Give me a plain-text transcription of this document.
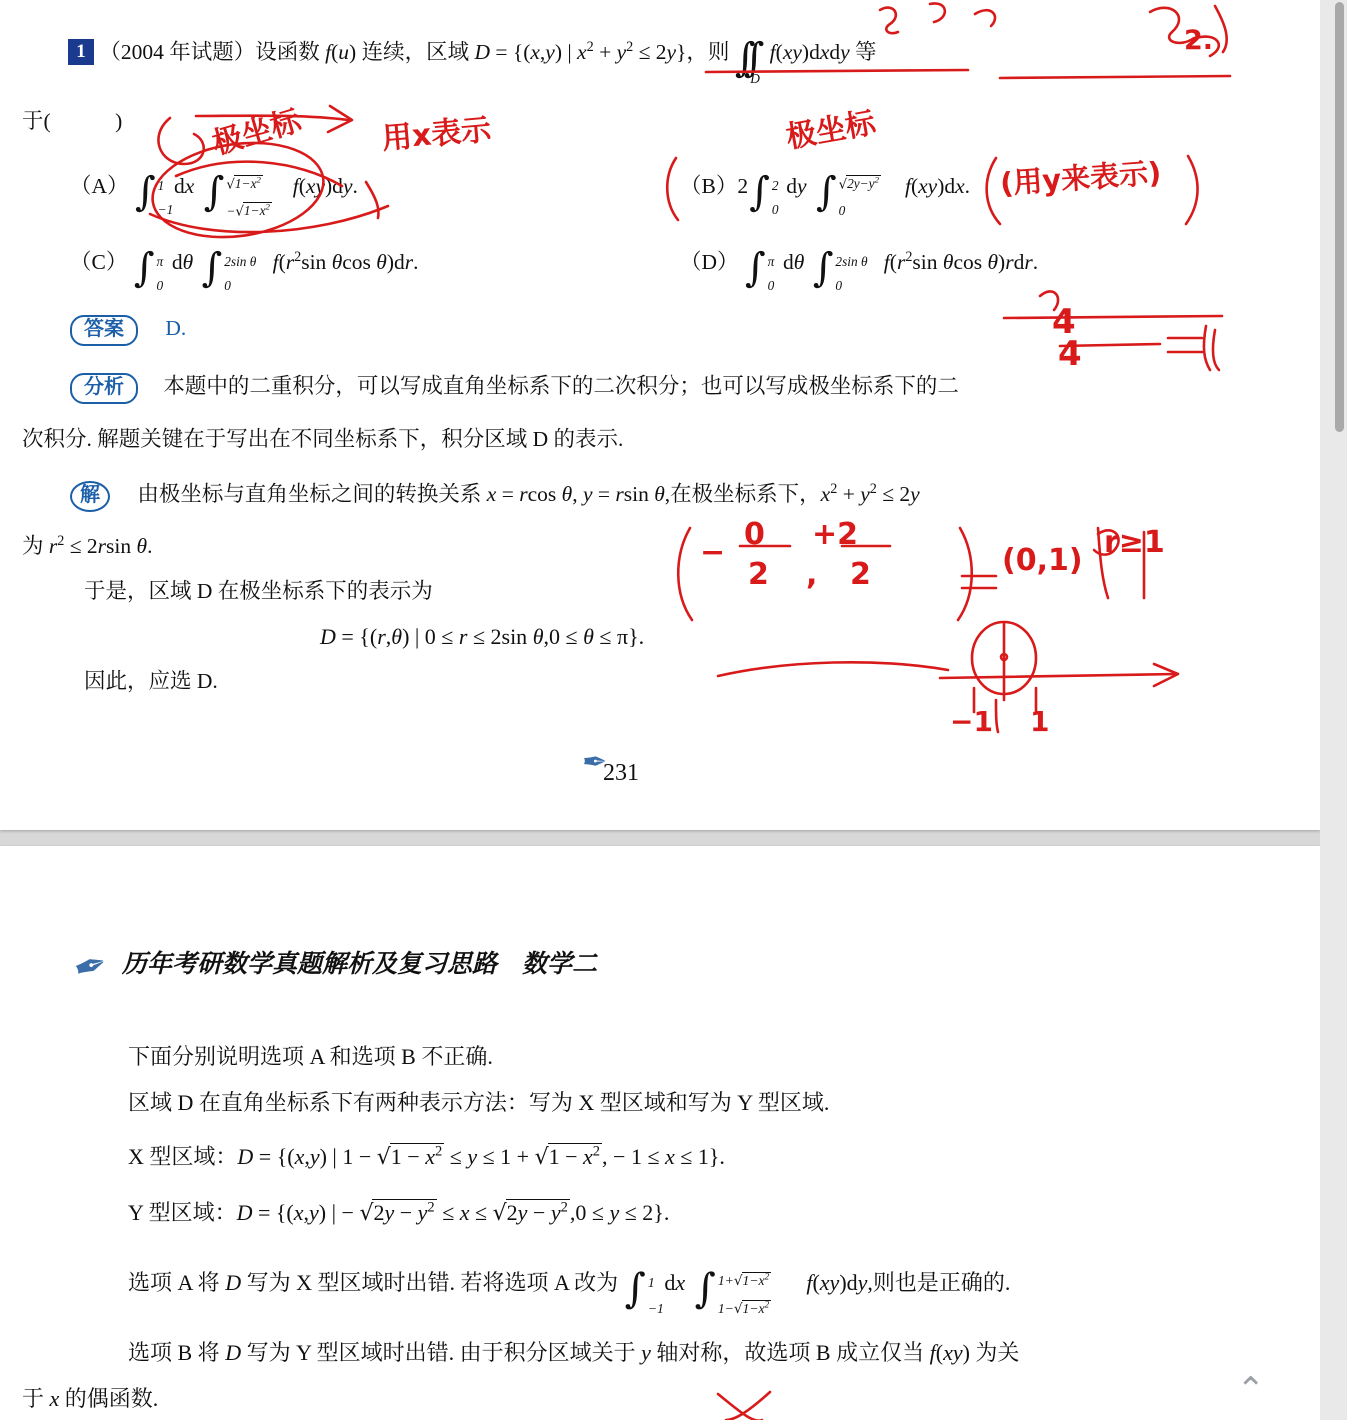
1 （2004 年试题）设函数 f(u) 连续，区域 D = {(x,y) | $x^2 + y^2 \le 2y$}，则 ∫∫
D
f(xy)dxdy 等
于(　　　)
（A） ∫ 1
−1
dx ∫ $√1-x^2$
$-√1-x^2$
f(xy)dy.	（B）2∫ 2
0
dy ∫ $√2y-y^2$
0
f(xy)dx.
（C） ∫ π
0
dθ ∫ 2sin θ
0
$f(r^2\sin$ θcos θ)dr.	（D） ∫ π
0
dθ ∫ 2sin θ
0
$f(r^2\sin$ θcos θ)rdr.
答案 D.
分析 本题中的二重积分，可以写成直角坐标系下的二次积分；也可以写成极坐标系下的二
次积分. 解题关键在于写出在不同坐标系下，积分区域 D 的表示.
解 由极坐标与直角坐标之间的转换关系 x = rcos θ, y = rsin θ,在极坐标系下，$x^2 + y^2 \le 2y$
为 $r^2 \le 2rsin$ θ.
于是，区域 D 在极坐标系下的表示为
D = {(r,θ) | 0 ≤ r ≤ 2sin θ,0 ≤ θ ≤ π}.
因此，应选 D.
✒
231
极坐标	用x表示	极坐标
(用y来表示)
2.
−
0
2
+2
2
,	(0,1)
r≥1
−1 1
4
4
✒ 历年考研数学真题解析及复习思路　数学二
下面分别说明选项 A 和选项 B 不正确.
区域 D 在直角坐标系下有两种表示方法：写为 X 型区域和写为 Y 型区域.
X 型区域：D = {(x,y) | $1 - √1 - x^2 \le y \le 1 + √1 - x^2$, − 1 ≤ x ≤ 1}.
Y 型区域：D = {(x,y) | − $√2y - y^2 \le x \le √2y - y^2,0 \le y \le 2$}.
选项 A 将 D 写为 X 型区域时出错. 若将选项 A 改为 ∫ 1
−1
dx ∫ $1+√1-x^2$
$1-√1-x^2$
f(xy)dy,则也是正确的.
选项 B 将 D 写为 Y 型区域时出错. 由于积分区域关于 y 轴对称，故选项 B 成立仅当 f(xy) 为关
于 x 的偶函数.	⌃
